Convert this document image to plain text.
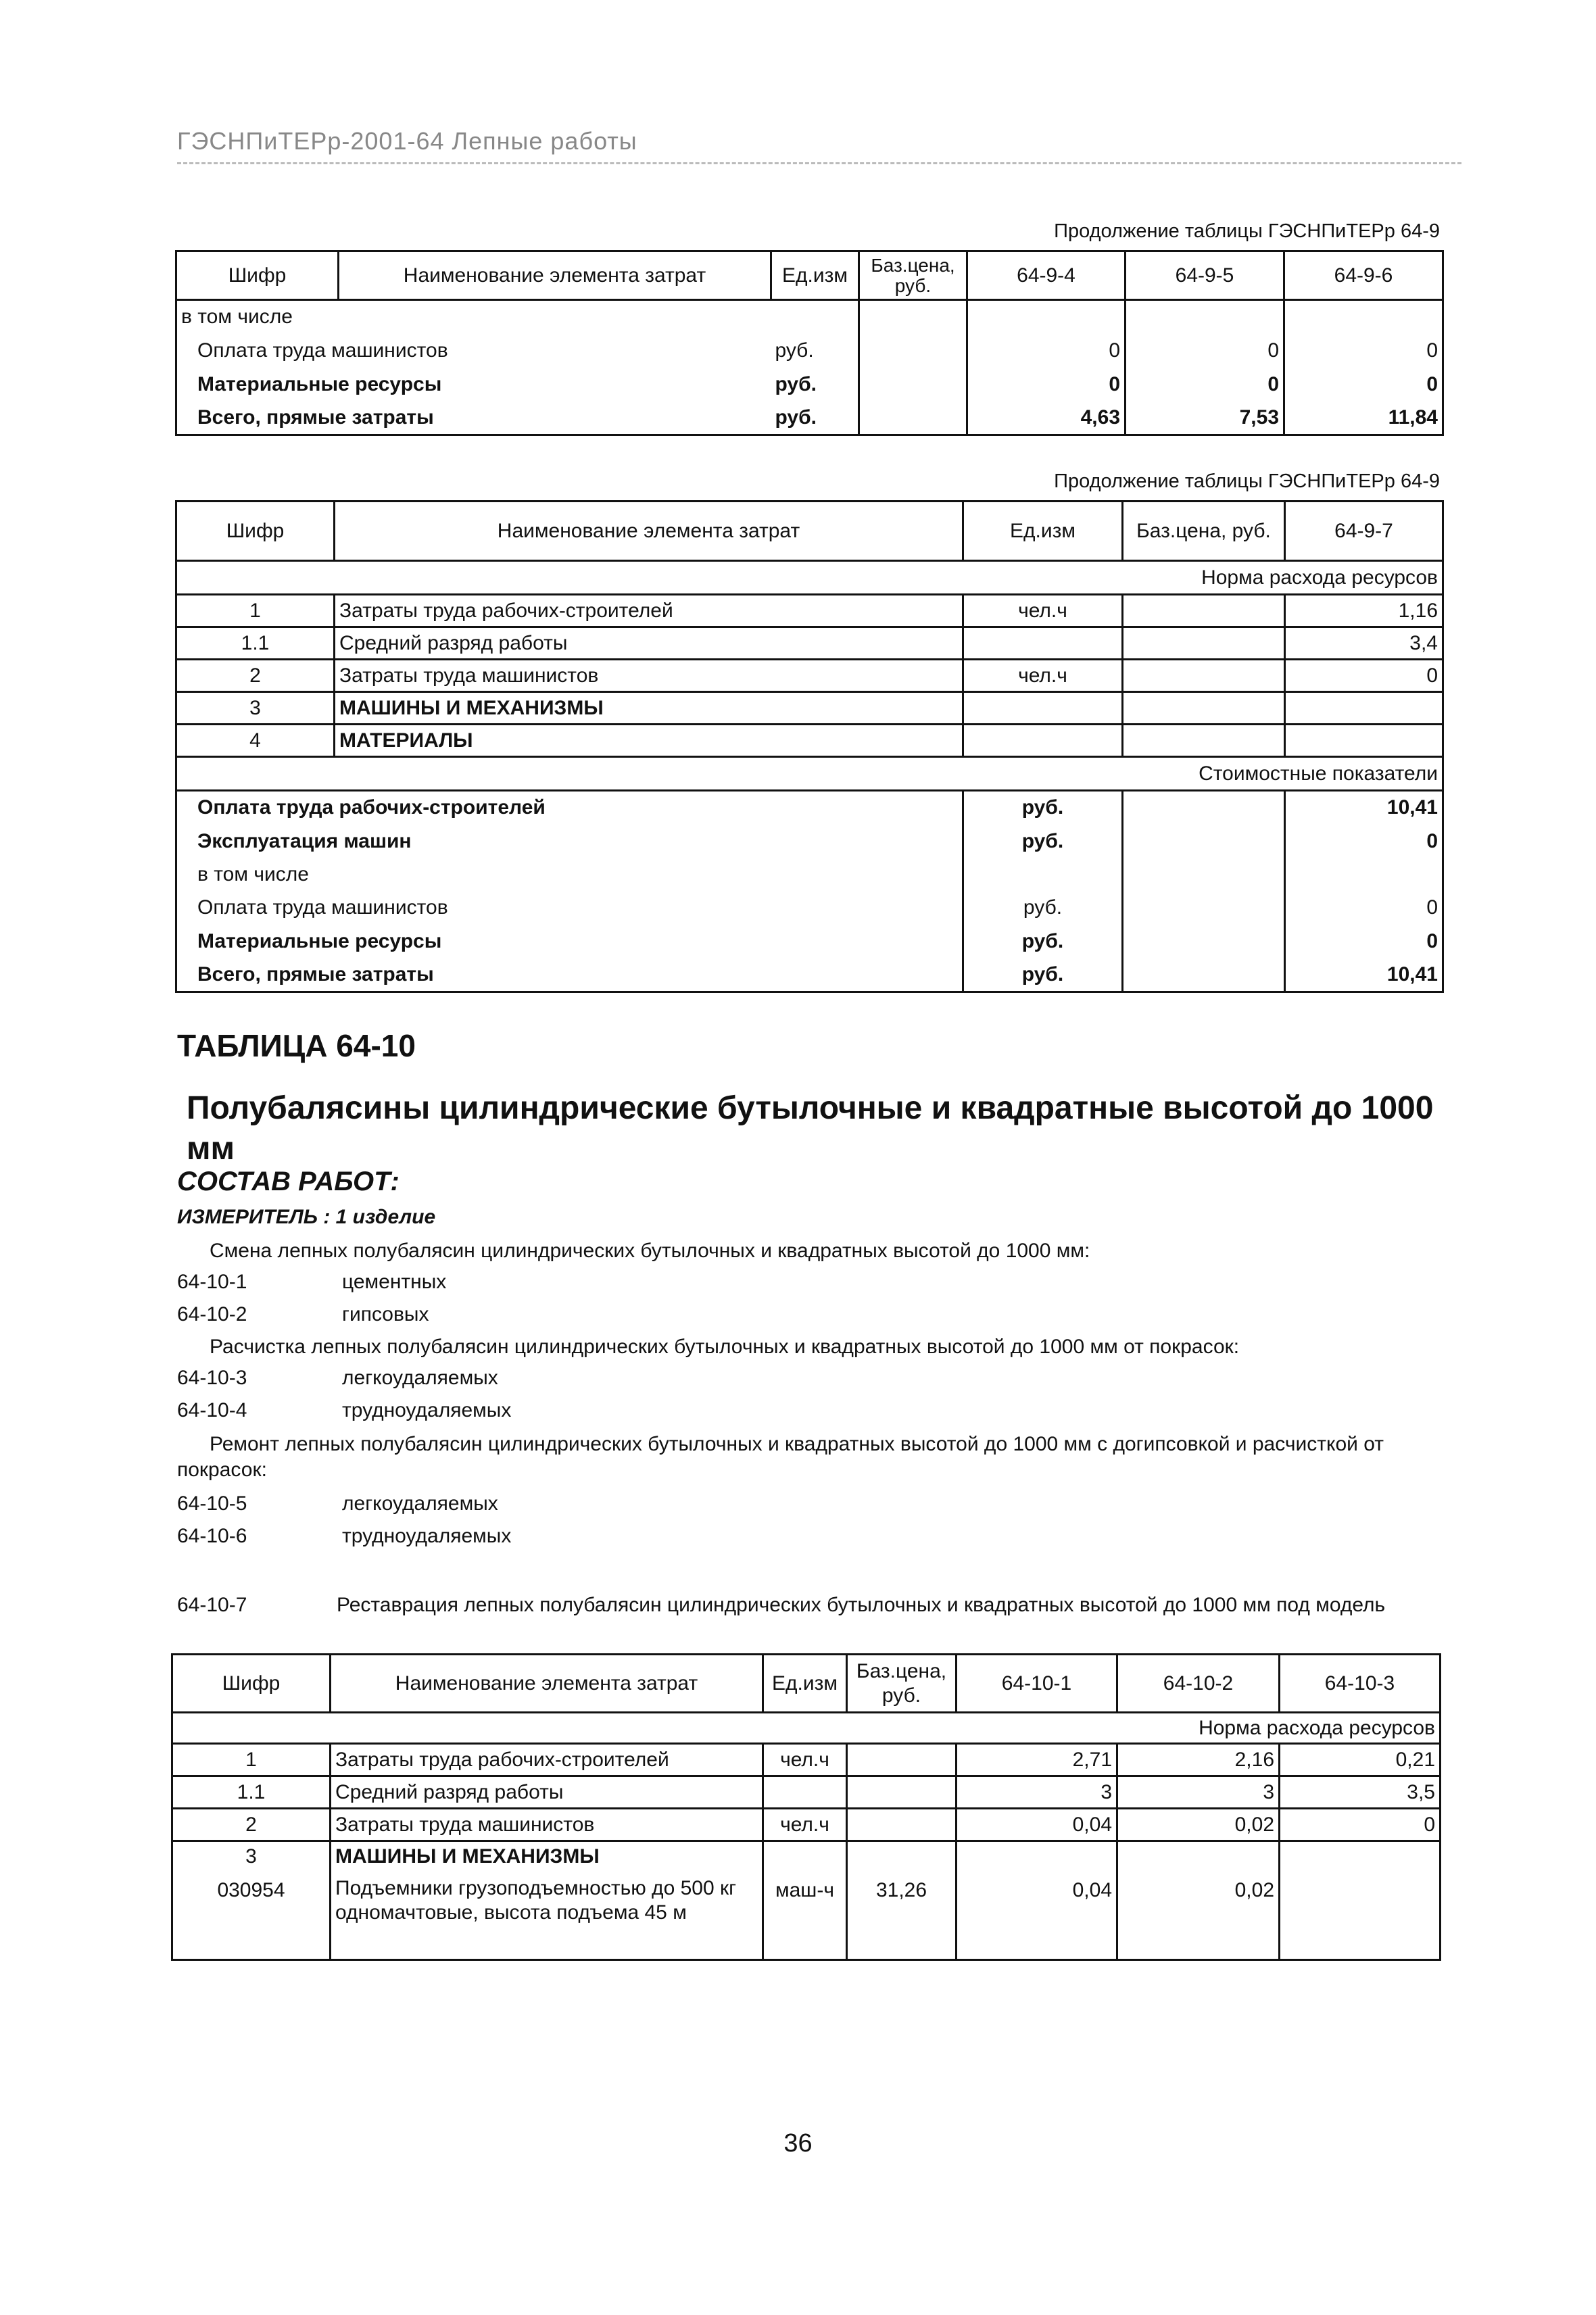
ГЭСНПиТЕРр-2001-64 Лепные работы
Продолжение таблицы ГЭСНПиТЕРр 64-9
Шифр	Наименование элемента затрат	Ед.изм	Баз.цена, руб.	64-9-4	64-9-5	64-9-6
в том числе						
Оплата труда машинистов		руб.		0	0	0
Материальные ресурсы		руб.		0	0	0
Всего, прямые затраты		руб.		4,63	7,53	11,84
Продолжение таблицы ГЭСНПиТЕРр 64-9
Шифр	Наименование элемента затрат	Ед.изм	Баз.цена, руб.	64-9-7
Норма расхода ресурсов				
1	Затраты труда рабочих-строителей	чел.ч		1,16
1.1	Средний разряд работы			3,4
2	Затраты труда машинистов	чел.ч		0
3	МАШИНЫ И МЕХАНИЗМЫ			
4	МАТЕРИАЛЫ			
Стоимостные показатели				
Оплата труда рабочих-строителей		руб.		10,41
Эксплуатация машин		руб.		0
в том числе				
Оплата труда машинистов		руб.		0
Материальные ресурсы		руб.		0
Всего, прямые затраты		руб.		10,41
ТАБЛИЦА 64-10
Полубалясины цилиндрические бутылочные и квадратные высотой до 1000 мм
СОСТАВ РАБОТ:
ИЗМЕРИТЕЛЬ : 1 изделие
Смена лепных полубалясин цилиндрических бутылочных и квадратных высотой до 1000 мм:
64-10-1	цементных
64-10-2	гипсовых
Расчистка лепных полубалясин цилиндрических бутылочных и квадратных высотой до 1000 мм от покрасок:
64-10-3	легкоудаляемых
64-10-4	трудноудаляемых
Ремонт лепных полубалясин цилиндрических бутылочных и квадратных высотой до 1000 мм с догипсовкой и расчисткой от покрасок:
64-10-5	легкоудаляемых
64-10-6	трудноудаляемых
64-10-7	Реставрация лепных полубалясин цилиндрических бутылочных и квадратных высотой до 1000 мм под модель
Шифр	Наименование элемента затрат	Ед.изм	Баз.цена, руб.	64-10-1	64-10-2	64-10-3
Норма расхода ресурсов						
1	Затраты труда рабочих-строителей	чел.ч		2,71	2,16	0,21
1.1	Средний разряд работы			3	3	3,5
2	Затраты труда машинистов	чел.ч		0,04	0,02	0
3	МАШИНЫ И МЕХАНИЗМЫ					
030954	Подъемники грузоподъемностью до 500 кг одномачтовые, высота подъема 45 м	маш-ч	31,26	0,04	0,02	
36
